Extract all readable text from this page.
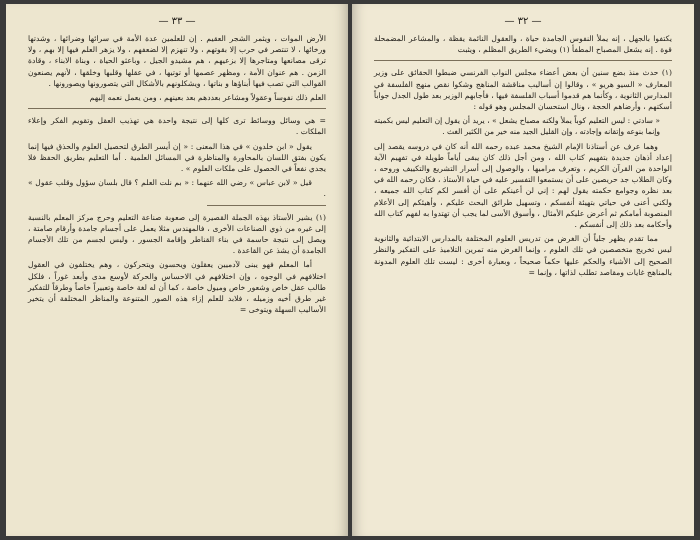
— ٣٣ —

الأرض الموات ، ويثمر الشجر العقيم . إن للعلمين عدة الأمة في سرائها وضرائها ، وشدتها ورخائها ، لا تنتصر في حرب إلا بقوتهم ، ولا تنهزم إلا لضعفهم ، ولا يزهر العلم فيها إلا بهم ، ولا ترقى مصانعها ومتاجرها إلا بزعيهم ، هم مشيدو الجيل ، وباعثو الحياة ، وبناة الابناء ، وقادة الزمن . هم عنوان الأمة ، ومظهر عصمها أو توتيها ، في عقلها وقلبها وخلقها ، لأنهم يصنعون القوالب التي تصب فيها أبناؤها و بناتها ، ويشكلونهم بالأشكال التي يتصورونها ويصورونها .

العلم ذلك نفوساً وعقولاً ومشاعر بعددهم بعد بعينهم ، ومن يعمل نعمه إليهم

= هي وسائل ووسائط ترى كلها إلى نتيجة واحدة هي تهذيب العقل وتقويم الفكر وإعلاء الملكات .

يقول « ابن خلدون » في هذا المعنى : « إن أيسر الطرق لتحصيل العلوم والحذق فيها إنما يكون بفتق اللسان بالمحاورة والمناظرة في المسائل العلمية . أما التعليم بطريق الحفظ فلا يجدي نفعاً في الحصول على ملكات العلوم » .

قيل « لابن عباس » رضي الله عنهما : « بم نلت العلم ؟ قال بلسان سؤول وقلب عقول » .

(١) يشير الأستاذ بهذه الجملة القصيرة إلى صعوبة صناعة التعليم وحرج مركز المعلم بالنسبة إلى غيره من ذوي الصناعات الأخرى ، فالمهندس مثلا يعمل على أجسام جامدة وأرقام صامتة ، ويصل إلى نتيجة حاسمة في بناء القناطر وإقامة الجسور ، وليس لجسم من تلك الأجسام الجامدة أن يشذ عن القاعدة .

أما المعلم فهو يبنى لآدميين يعقلون ويحسون ويتحركون ، وهم يختلفون في العقول اختلافهم في الوجوه ، وإن اختلافهم في الاحساس والحركة لأوسع مدى وأبعد غوراً ، فلكل طالب عقل خاص وشعور خاص وميول خاصة ، كما أن له لغة خاصة وتعبيراً خاصاً وطرقاً للتفكير غير طرق أخيه وزميله ، فلابد للعلم إزاء هذه الصور المتنوعة والمناظر المختلفة أن يتخير الأساليب السهلة ويتوخى =

— ٣٢ —

يكتفوا بالجهل ، إنه يملأ النفوس الجامدة حياة ، والعقول النائمة يقظة ، والمشاعر المضمحلة قوة . إنه يشعل المصباح المطفأ (١) ويضيء الطريق المظلم ، ويثبت

(١) حدث منذ بضع سنين أن بعض أعضاء مجلس النواب الفرنسي ضبطوا الحقائق على وزير المعارف « السيو هريو » ، وقالوا إن أساليب مناقشة المناهج وشكوا نقص منهج الفلسفة في المدارس الثانوية ، وكأنما هم قدموا أسباب الفلسفة فيها ، فأجابهم الوزير بعد طول الجدل جواباً أسكتهم ، وأرضاهم الحجة ، ونال استحسان المجلس وهو قوله :

« سادتي : ليس التعليم كوباً يملأ ولكنه مصباح يشعل » ، يريد أن يقول إن التعليم ليس بكميته وإنما بنوعه وإتقانه وإجادته ، وإن القليل الجيد منه خير من الكثير الغث .

وهما عرف عن أستاذنا الإمام الشيخ محمد عبده رحمه الله أنه كان في دروسه يقصد إلى إعداد أذهان جديدة بتفهيم كتاب الله ، ومن أجل ذلك كان يبقى أياماً طويلة في تفهيم الآية الواحدة من القرآن الكريم ، وتعرف مراميها ، والوصول إلى أسرار التشريع والتكييف وروحه ، وكان الطلاب جد حريصين على أن يستمعوا التفسير عليه في حياة الأستاذ ، فكان رحمه الله في بعد نظره وجوامع حكمته يقول لهم : إني لن أعينكم على أن أفسر لكم كتاب الله جميعه ، ولكني أعنى في حياتي بتهيئة أنفسكم ، وتسهيل طرائق البحث عليكم ، وأهيئكم إلى الأعلام المنصوبة أمامكم ثم أعرض عليكم الأمثال ، وأسوق الأسى لما يجب أن تهتدوا به لفهم كتاب الله وأحكامه بعد ذلك إلى أنفسكم .

مما تقدم يظهر جلياً أن الغرض من تدريس العلوم المختلفة بالمدارس الابتدائية والثانوية ليس تخريج متخصصين في تلك العلوم ، وإنما الغرض منه تمرين التلاميذ على التفكير والنظر الصحيح إلى الأشياء والحكم عليها حكماً صحيحاً ، وبعبارة أخرى : ليست تلك العلوم المدونة بالمناهج غايات ومقاصد تطلب لذاتها ، وإنما =
